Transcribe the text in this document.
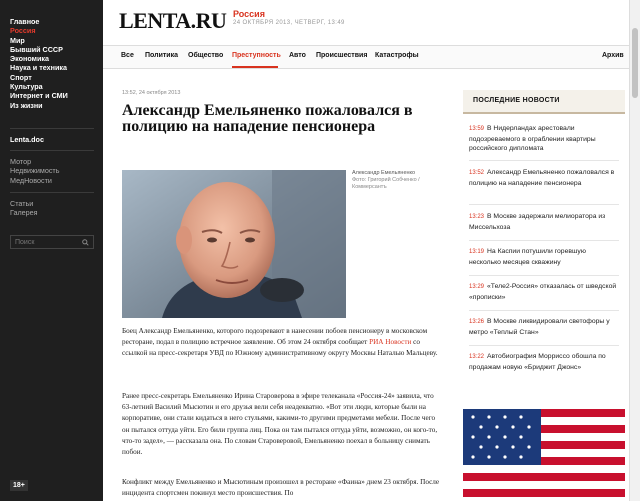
Главное
Россия
Мир
Бывший СССР
Экономика
Наука и техника
Спорт
Культура
Интернет и СМИ
Из жизни
Lenta.doc
Мотор
Недвижимость
МедНовости
Статьи
Галерея
Поиск
18+
LENTA.RU Россия
24 ОКТЯБРЯ 2013, ЧЕТВЕРГ, 13:49
Все Политика Общество Преступность Авто Происшествия Катастрофы	Архив
13:52, 24 октября 2013
Александр Емельяненко пожаловался в полицию на нападение пенсионера
Александр Емельяненко
Фото: Григорий Собченко / Коммерсантъ
Боец Александр Емельяненко, которого подозревают в нанесении побоев пенсионеру в московском ресторане, подал в полицию встречное заявление. Об этом 24 октября сообщает РИА Новости со ссылкой на пресс-секретаря УВД по Южному административному округу Москвы Наталью Мальцеву.
Ранее пресс-секретарь Емельяненко Ирина Староверова в эфире телеканала «Россия-24» заявила, что 63-летний Василий Мысютин и его друзья вели себя неадекватно. «Вот эти люди, которые были на корпоративе, они стали кидаться в него стульями, какими-то другими предметами мебели. После чего он пытался оттуда уйти. Его били группа лиц. Пока он там пытался оттуда уйти, возможно, он кого-то, что-то задел», — рассказала она. По словам Староверовой, Емельяненко поехал в больницу снимать побои.
Конфликт между Емельяненко и Мысютиным произошел в ресторане «Фаина» днем 23 октября. После инцидента спортсмен покинул место происшествия. По
ПОСЛЕДНИЕ НОВОСТИ
13:59 В Нидерландах арестовали подозреваемого в ограблении квартиры российского дипломата
13:52 Александр Емельяненко пожаловался в полицию на нападение пенсионера
13:23 В Москве задержали мелиоратора из Миссельхоза
13:19 На Каспии потушили горевшую несколько месяцев скважину
13:29 «Теле2-Россия» отказалась от шведской «прописки»
13:26 В Москве ликвидировали светофоры у метро «Теплый Стан»
13:22 Автобиография Морриссо обошла по продажам новую «Бриджит Джонс»
